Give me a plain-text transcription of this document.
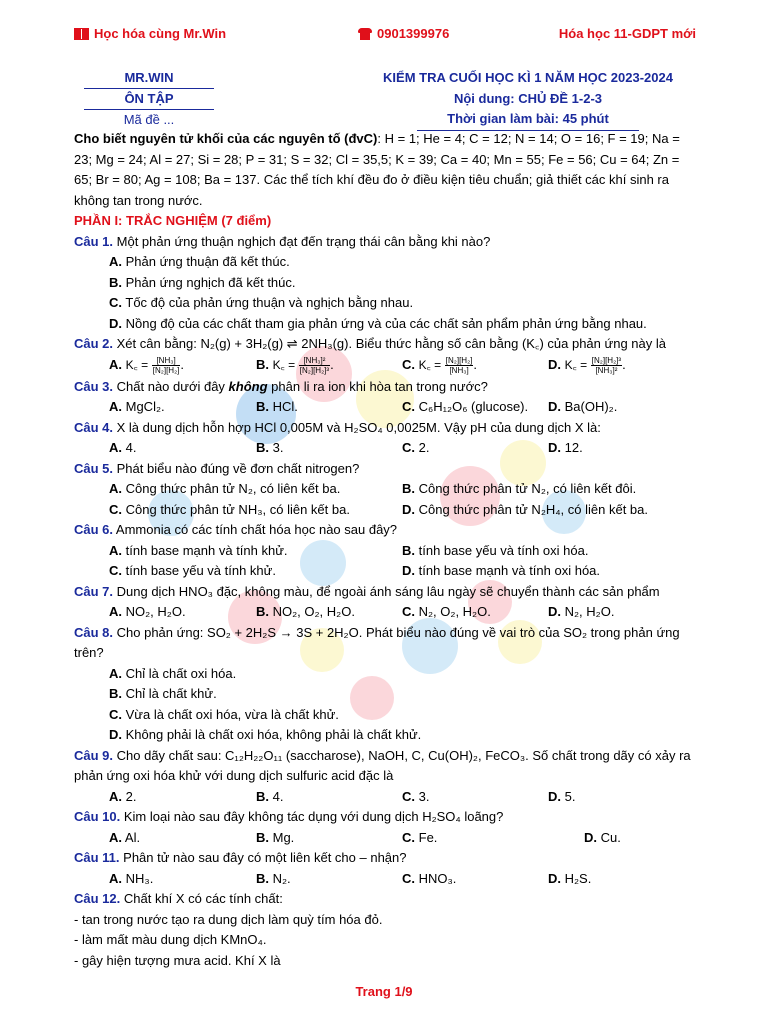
Học hóa cùng Mr.Win	0901399976	Hóa học 11-GDPT mới
MR.WIN
ÔN TẬP
Mã đề ...
KIỂM TRA CUỐI HỌC KÌ 1 NĂM HỌC 2023-2024
Nội dung: CHỦ ĐỀ 1-2-3
Thời gian làm bài: 45 phút

Cho biết nguyên tử khối của các nguyên tố (đvC): H = 1; He = 4; C = 12; N = 14; O = 16; F = 19; Na = 23; Mg = 24; Al = 27; Si = 28; P = 31; S = 32; Cl = 35,5; K = 39; Ca = 40; Mn = 55; Fe = 56; Cu = 64; Zn = 65; Br = 80; Ag = 108; Ba = 137. Các thể tích khí đều đo ở điều kiện tiêu chuẩn; giả thiết các khí sinh ra không tan trong nước.

PHẦN I: TRẮC NGHIỆM (7 điểm)

Câu 1. Một phản ứng thuận nghịch đạt đến trạng thái cân bằng khi nào?

A. Phản ứng thuận đã kết thúc.

B. Phản ứng nghịch đã kết thúc.

C. Tốc độ của phản ứng thuận và nghịch bằng nhau.

D. Nồng độ của các chất tham gia phản ứng và của các chất sản phẩm phản ứng bằng nhau.

Câu 2. Xét cân bằng: N₂(g) + 3H₂(g) ⇌ 2NH₃(g). Biểu thức hằng số cân bằng (K꜀) của phản ứng này là

A. K꜀ = $\frac{\text{[NH₃]}}{\text{[N₂][H₂]}}$ .	B. K꜀ = $\frac{\text{[NH₃]²}}{\text{[N₂][H₂]³}}$ .	C. K꜀ = $\frac{\text{[N₂][H₂]}}{\text{[NH₃]}}$ .	D. K꜀ = $\frac{\text{[N₂][H₂]³}}{\text{[NH₃]²}}$ .

Câu 3. Chất nào dưới đây không phân li ra ion khi hòa tan trong nước?

A. MgCl₂.	B. HCl.	C. C₆H₁₂O₆ (glucose). D. Ba(OH)₂.

Câu 4. X là dung dịch hỗn hợp HCl 0,005M và H₂SO₄ 0,0025M. Vậy pH của dung dịch X là:

A. 4.	B. 3.	C. 2.	D. 12.

Câu 5. Phát biểu nào đúng về đơn chất nitrogen?

A. Công thức phân tử N₂, có liên kết ba.	B. Công thức phân tử N₂, có liên kết đôi.
C. Công thức phân tử NH₃, có liên kết ba.	D. Công thức phân tử N₂H₄, có liên kết ba.

Câu 6. Ammonia có các tính chất hóa học nào sau đây?

A. tính base mạnh và tính khử.	B. tính base yếu và tính oxi hóa.
C. tính base yếu và tính khử.	D. tính base mạnh và tính oxi hóa.

Câu 7. Dung dịch HNO₃ đặc, không màu, để ngoài ánh sáng lâu ngày sẽ chuyển thành các sản phẩm

A. NO₂, H₂O.	B. NO₂, O₂, H₂O.	C. N₂, O₂, H₂O.	D. N₂, H₂O.

Câu 8. Cho phản ứng: SO₂ + 2H₂S → 3S + 2H₂O. Phát biểu nào đúng về vai trò của SO₂ trong phản ứng trên?

A. Chỉ là chất oxi hóa.

B. Chỉ là chất khử.

C. Vừa là chất oxi hóa, vừa là chất khử.

D. Không phải là chất oxi hóa, không phải là chất khử.

Câu 9. Cho dãy chất sau: C₁₂H₂₂O₁₁ (saccharose), NaOH, C, Cu(OH)₂, FeCO₃. Số chất trong dãy có xảy ra phản ứng oxi hóa khử với dung dịch sulfuric acid đặc là

A. 2.	B. 4.	C. 3.	D. 5.

Câu 10. Kim loại nào sau đây không tác dụng với dung dịch H₂SO₄ loãng?

A. Al.	B. Mg.	C. Fe.	D. Cu.

Câu 11. Phân tử nào sau đây có một liên kết cho – nhận?

A. NH₃.	B. N₂.	C. HNO₃.	D. H₂S.

Câu 12. Chất khí X có các tính chất:

- tan trong nước tạo ra dung dịch làm quỳ tím hóa đỏ.

- làm mất màu dung dịch KMnO₄.

- gây hiện tượng mưa acid. Khí X là

Trang 1/9
